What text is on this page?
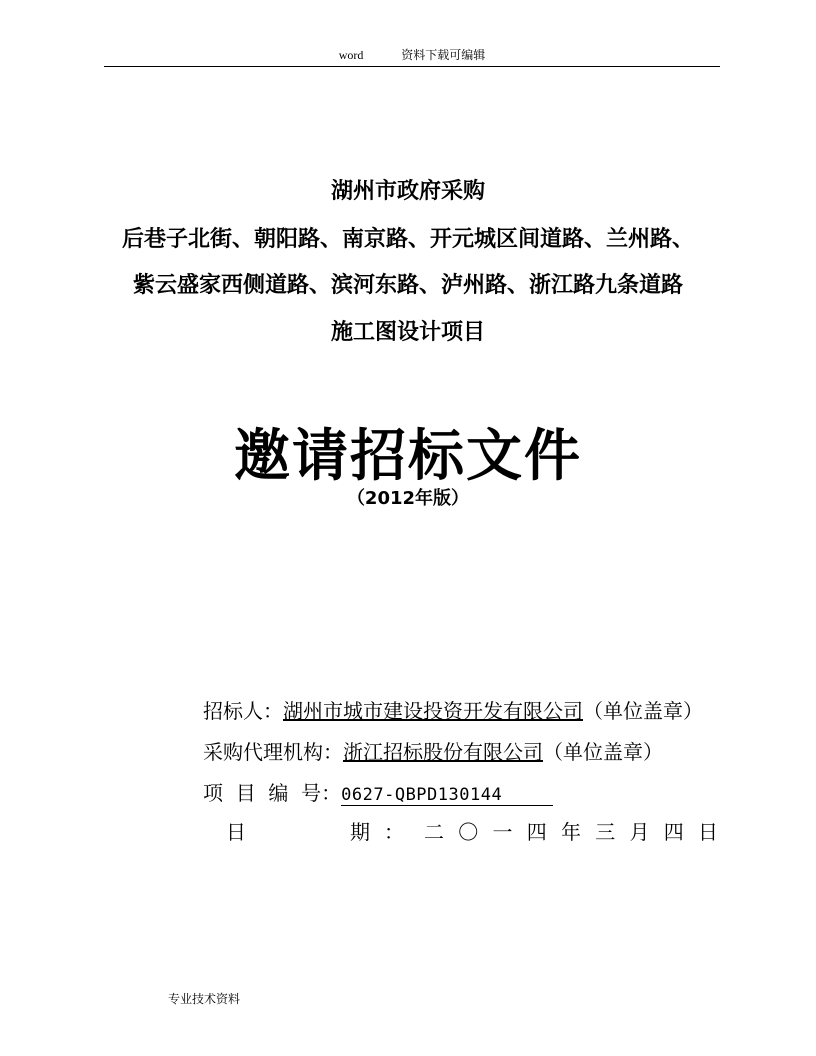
word	资料下载可编辑
湖州市政府采购
后巷子北街、朝阳路、南京路、开元城区间道路、兰州路、
紫云盛家西侧道路、滨河东路、泸州路、浙江路九条道路
施工图设计项目
邀请招标文件
（2012年版）
招标人：湖州市城市建设投资开发有限公司（单位盖章）
采购代理机构：浙江招标股份有限公司（单位盖章）
项  目  编  号：0627-QBPD130144
日	期 ：	二 〇 一 四 年 三 月 四 日
专业技术资料
